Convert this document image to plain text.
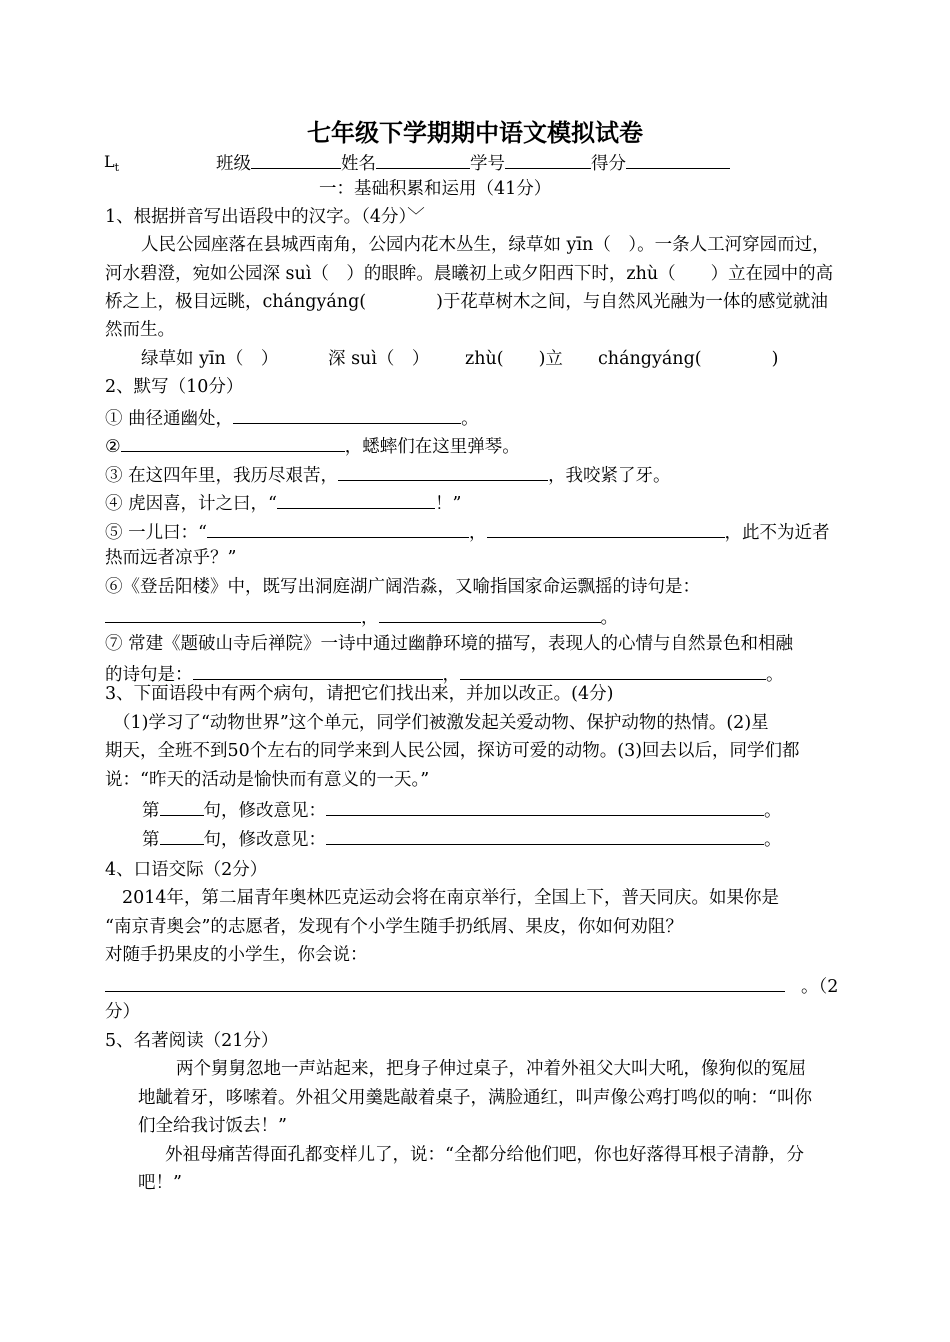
七年级下学期期中语文模拟试卷
$L_t$	班级	姓名	学号	得分
一：基础积累和运用（41分）
1、根据拼音写出语段中的汉字。（4分）﹀
人民公园座落在县城西南角，公园内花木丛生，绿草如 yīn（　）。一条人工河穿园而过，
河水碧澄，宛如公园深 suì（　）的眼眸。晨曦初上或夕阳西下时，zhù（　　）立在园中的高
桥之上，极目远眺，chángyáng(　　　　)于花草树木之间，与自然风光融为一体的感觉就油
然而生。
绿草如 yīn（　）	深 suì（　） zhù(　　)立 chángyáng(　　　　)
2、默写（10分）
① 曲径通幽处，	。
②	，蟋蟀们在这里弹琴。
③ 在这四年里，我历尽艰苦，	，我咬紧了牙。
④ 虎因喜，计之曰，“	！”
⑤ 一儿曰：“	，	，此不为近者
热而远者凉乎？”
⑥《登岳阳楼》中，既写出洞庭湖广阔浩淼，又喻指国家命运飘摇的诗句是：
，	。
⑦ 常建《题破山寺后禅院》一诗中通过幽静环境的描写，表现人的心情与自然景色和相融
的诗句是：	，	。
3、下面语段中有两个病句，请把它们找出来，并加以改正。(4分)
（1)学习了“动物世界”这个单元，同学们被激发起关爱动物、保护动物的热情。(2)星
期天，全班不到50个左右的同学来到人民公园，探访可爱的动物。(3)回去以后，同学们都
说：“昨天的活动是愉快而有意义的一天。”
第	句，修改意见：	。
第	句，修改意见：	。
4、口语交际（2分）
2014年，第二届青年奥林匹克运动会将在南京举行，全国上下，普天同庆。如果你是
“南京青奥会”的志愿者，发现有个小学生随手扔纸屑、果皮，你如何劝阻？
对随手扔果皮的小学生，你会说：
。（2
分）
5、名著阅读（21分）
两个舅舅忽地一声站起来，把身子伸过桌子，冲着外祖父大叫大吼，像狗似的冤屈
地龇着牙，哆嗦着。外祖父用羹匙敲着桌子，满脸通红，叫声像公鸡打鸣似的响：“叫你
们全给我讨饭去！”
外祖母痛苦得面孔都变样儿了，说：“全都分给他们吧，你也好落得耳根子清静，分
吧！”
